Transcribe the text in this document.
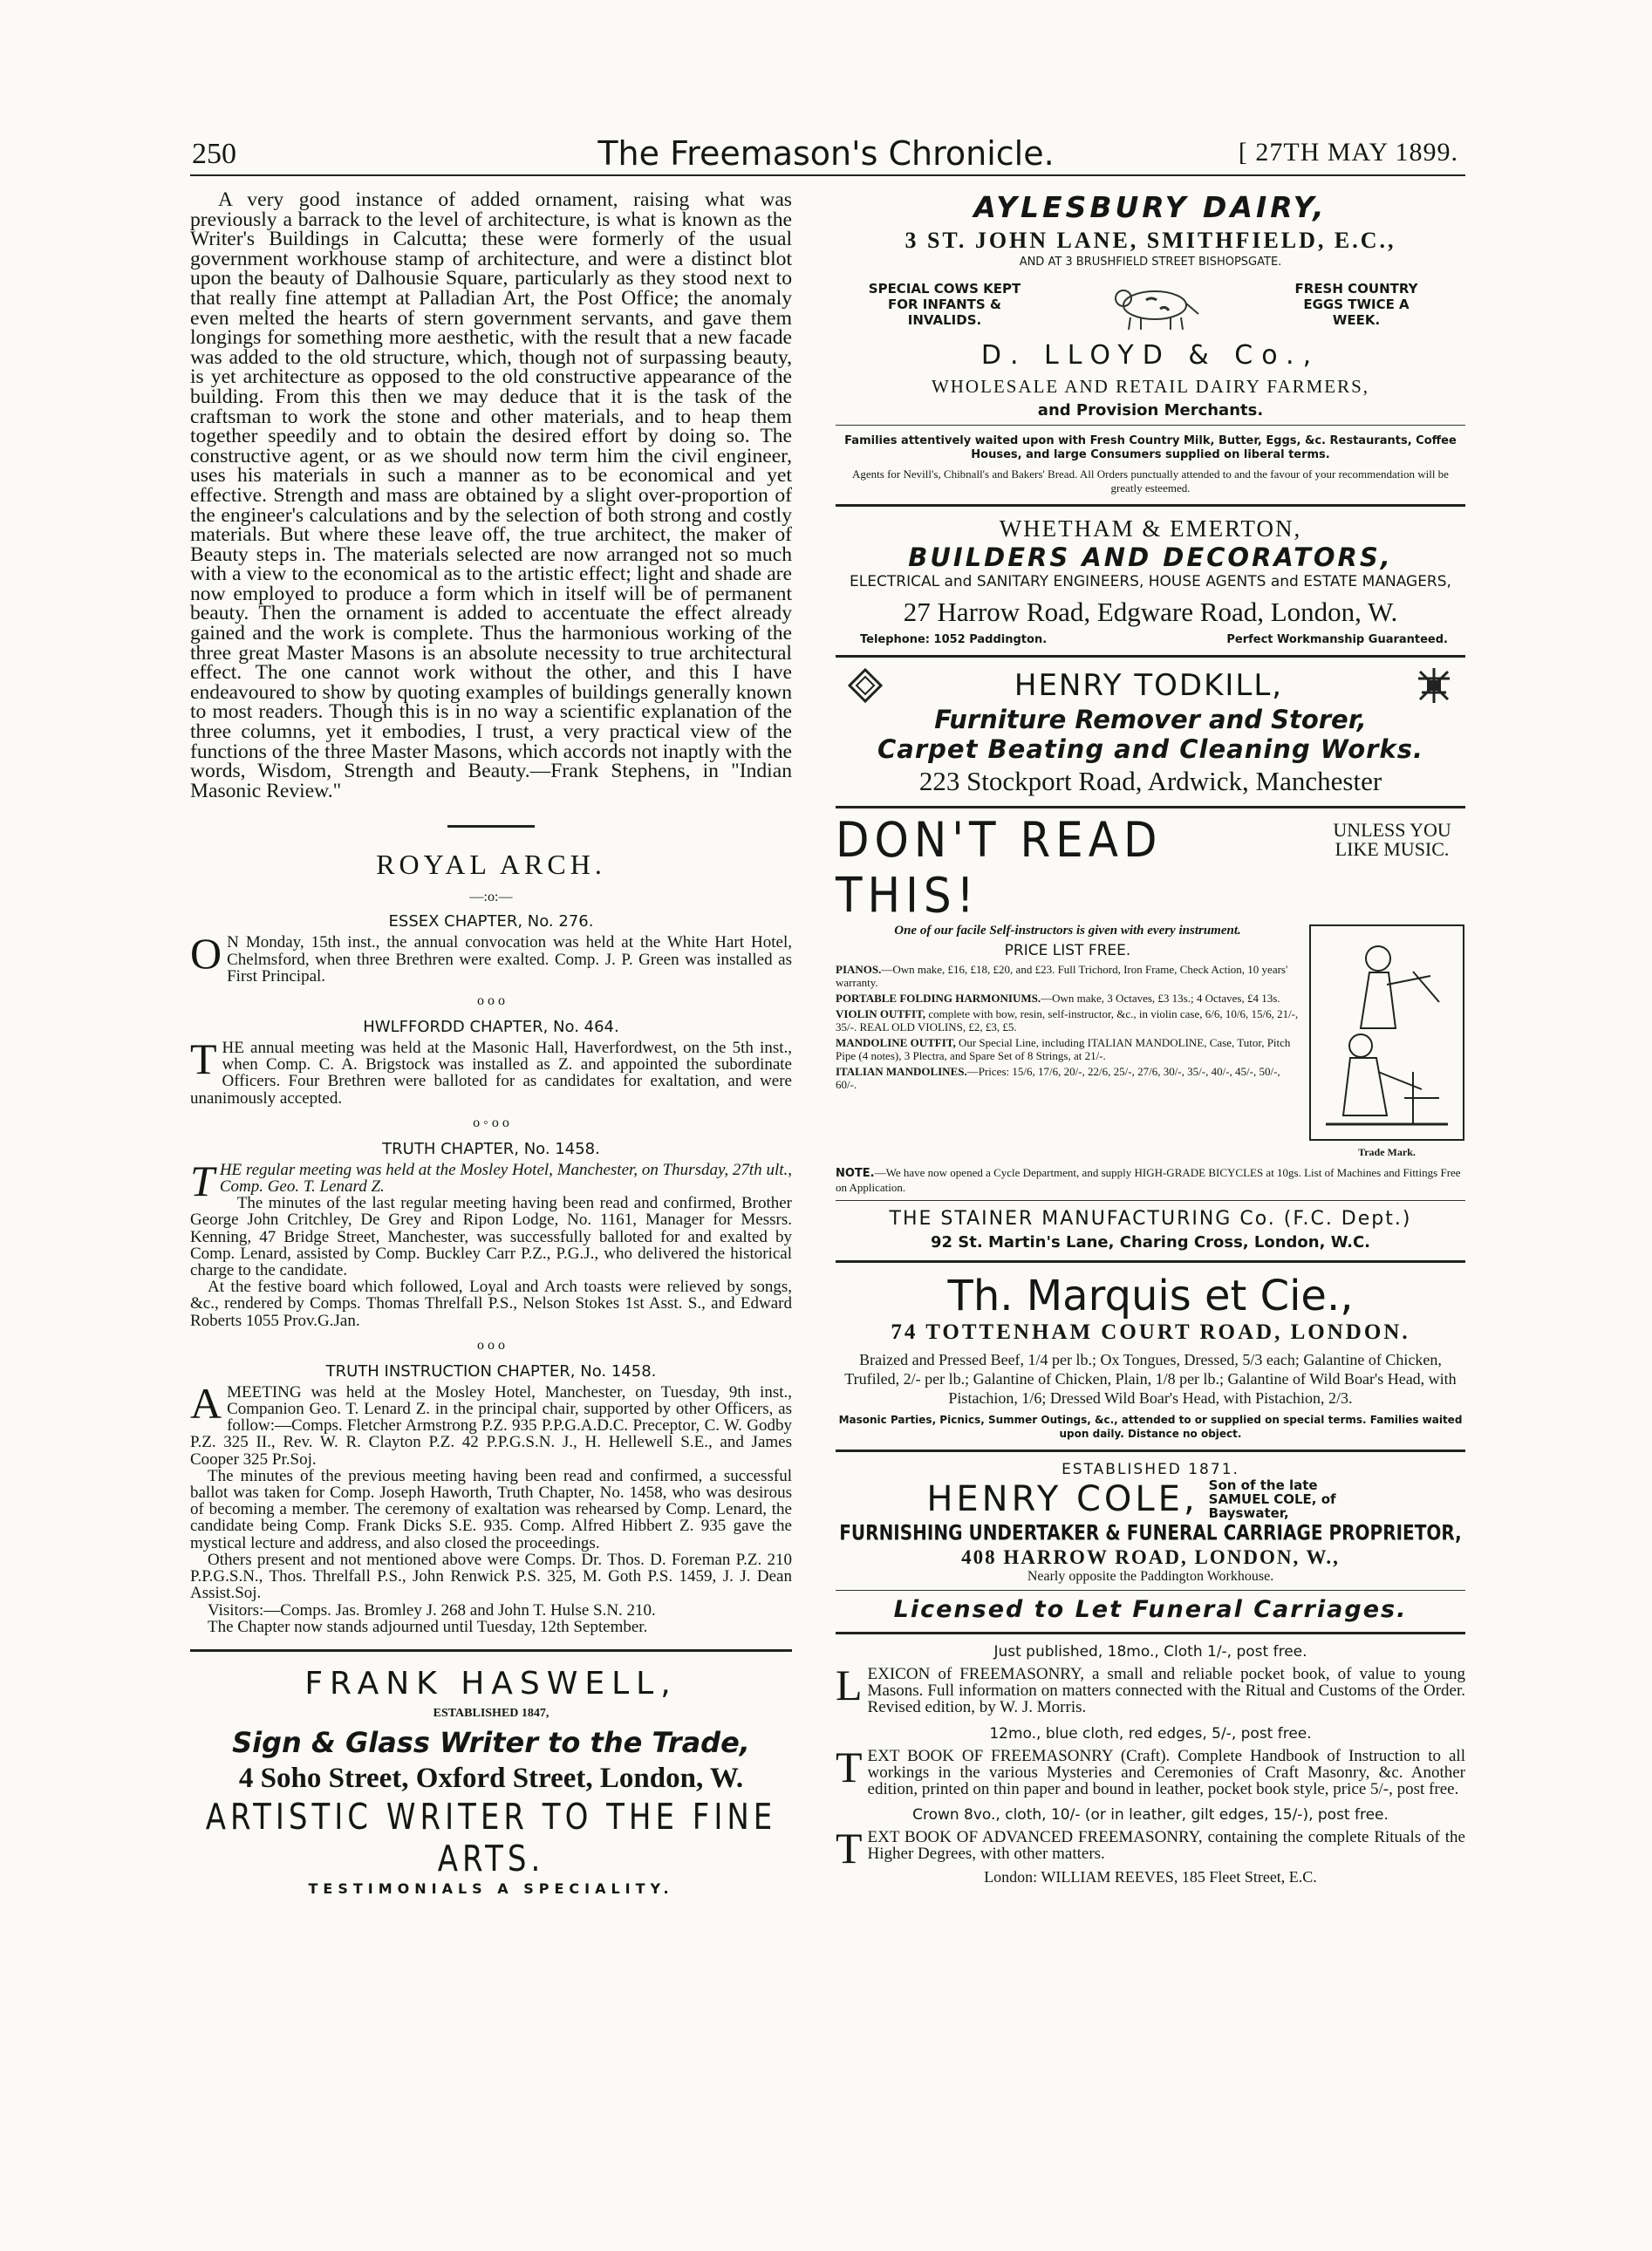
250	The Freemason's Chronicle.	[ 27TH MAY 1899.

A very good instance of added ornament, raising what was previously a barrack to the level of architecture, is what is known as the Writer's Buildings in Calcutta; these were formerly of the usual government workhouse stamp of architecture, and were a distinct blot upon the beauty of Dalhousie Square, particularly as they stood next to that really fine attempt at Palladian Art, the Post Office; the anomaly even melted the hearts of stern government servants, and gave them longings for something more aesthetic, with the result that a new facade was added to the old structure, which, though not of surpassing beauty, is yet architecture as opposed to the old constructive appearance of the building. From this then we may deduce that it is the task of the craftsman to work the stone and other materials, and to heap them together speedily and to obtain the desired effort by doing so. The constructive agent, or as we should now term him the civil engineer, uses his materials in such a manner as to be economical and yet effective. Strength and mass are obtained by a slight over-proportion of the engineer's calculations and by the selection of both strong and costly materials. But where these leave off, the true architect, the maker of Beauty steps in. The materials selected are now arranged not so much with a view to the economical as to the artistic effect; light and shade are now employed to produce a form which in itself will be of permanent beauty. Then the ornament is added to accentuate the effect already gained and the work is complete. Thus the harmonious working of the three great Master Masons is an absolute necessity to true architectural effect. The one cannot work without the other, and this I have endeavoured to show by quoting examples of buildings generally known to most readers. Though this is in no way a scientific explanation of the three columns, yet it embodies, I trust, a very practical view of the functions of the three Master Masons, which accords not inaptly with the words, Wisdom, Strength and Beauty.—Frank Stephens, in "Indian Masonic Review."

ROYAL ARCH.
—:o:—
ESSEX CHAPTER, No. 276.

ON Monday, 15th inst., the annual convocation was held at the White Hart Hotel, Chelmsford, when three Brethren were exalted. Comp. J. P. Green was installed as First Principal.

o o o
HWLFFORDD CHAPTER, No. 464.

THE annual meeting was held at the Masonic Hall, Haverfordwest, on the 5th inst., when Comp. C. A. Brigstock was installed as Z. and appointed the subordinate Officers. Four Brethren were balloted for as candidates for exaltation, and were unanimously accepted.

o ◦ o o
TRUTH CHAPTER, No. 1458.

THE regular meeting was held at the Mosley Hotel, Manchester, on Thursday, 27th ult., Comp. Geo. T. Lenard Z.

The minutes of the last regular meeting having been read and confirmed, Brother George John Critchley, De Grey and Ripon Lodge, No. 1161, Manager for Messrs. Kenning, 47 Bridge Street, Manchester, was successfully balloted for and exalted by Comp. Lenard, assisted by Comp. Buckley Carr P.Z., P.G.J., who delivered the historical charge to the candidate.

At the festive board which followed, Loyal and Arch toasts were relieved by songs, &c., rendered by Comps. Thomas Threlfall P.S., Nelson Stokes 1st Asst. S., and Edward Roberts 1055 Prov.G.Jan.

o o o
TRUTH INSTRUCTION CHAPTER, No. 1458.

AMEETING was held at the Mosley Hotel, Manchester, on Tuesday, 9th inst., Companion Geo. T. Lenard Z. in the principal chair, supported by other Officers, as follow:—Comps. Fletcher Armstrong P.Z. 935 P.P.G.A.D.C. Preceptor, C. W. Godby P.Z. 325 II., Rev. W. R. Clayton P.Z. 42 P.P.G.S.N. J., H. Hellewell S.E., and James Cooper 325 Pr.Soj.

The minutes of the previous meeting having been read and confirmed, a successful ballot was taken for Comp. Joseph Haworth, Truth Chapter, No. 1458, who was desirous of becoming a member. The ceremony of exaltation was rehearsed by Comp. Lenard, the candidate being Comp. Frank Dicks S.E. 935. Comp. Alfred Hibbert Z. 935 gave the mystical lecture and address, and also closed the proceedings.

Others present and not mentioned above were Comps. Dr. Thos. D. Foreman P.Z. 210 P.P.G.S.N., Thos. Threlfall P.S., John Renwick P.S. 325, M. Goth P.S. 1459, J. J. Dean Assist.Soj.

Visitors:—Comps. Jas. Bromley J. 268 and John T. Hulse S.N. 210.

The Chapter now stands adjourned until Tuesday, 12th September.

FRANK HASWELL,
ESTABLISHED 1847,
Sign & Glass Writer to the Trade,
4 Soho Street, Oxford Street, London, W.
ARTISTIC WRITER TO THE FINE ARTS.
TESTIMONIALS A SPECIALITY.
AYLESBURY DAIRY,
3 ST. JOHN LANE, SMITHFIELD, E.C.,
AND AT 3 BRUSHFIELD STREET BISHOPSGATE.
SPECIAL COWS KEPT FOR INFANTS & INVALIDS.
FRESH COUNTRY EGGS TWICE A WEEK.
D. LLOYD & Co.,
WHOLESALE AND RETAIL DAIRY FARMERS,
and Provision Merchants.
Families attentively waited upon with Fresh Country Milk, Butter, Eggs, &c. Restaurants, Coffee Houses, and large Consumers supplied on liberal terms.
Agents for Nevill's, Chibnall's and Bakers' Bread. All Orders punctually attended to and the favour of your recommendation will be greatly esteemed.
WHETHAM & EMERTON,
BUILDERS AND DECORATORS,
ELECTRICAL and SANITARY ENGINEERS, HOUSE AGENTS and ESTATE MANAGERS,
27 Harrow Road, Edgware Road, London, W.
Telephone: 1052 Paddington.	Perfect Workmanship Guaranteed.
HENRY TODKILL,
Furniture Remover and Storer,
Carpet Beating and Cleaning Works.
223 Stockport Road, Ardwick, Manchester
DON'T READ THIS!
UNLESS YOU LIKE MUSIC.
One of our facile Self-instructors is given with every instrument.
PRICE LIST FREE.
PIANOS.—Own make, £16, £18, £20, and £23. Full Trichord, Iron Frame, Check Action, 10 years' warranty.
PORTABLE FOLDING HARMONIUMS.—Own make, 3 Octaves, £3 13s.; 4 Octaves, £4 13s.
VIOLIN OUTFIT, complete with bow, resin, self-instructor, &c., in violin case, 6/6, 10/6, 15/6, 21/-, 35/-. REAL OLD VIOLINS, £2, £3, £5.
MANDOLINE OUTFIT, Our Special Line, including ITALIAN MANDOLINE, Case, Tutor, Pitch Pipe (4 notes), 3 Plectra, and Spare Set of 8 Strings, at 21/-.
ITALIAN MANDOLINES.—Prices: 15/6, 17/6, 20/-, 22/6, 25/-, 27/6, 30/-, 35/-, 40/-, 45/-, 50/-, 60/-.
Trade Mark.
NOTE.—We have now opened a Cycle Department, and supply HIGH-GRADE BICYCLES at 10gs. List of Machines and Fittings Free on Application.
THE STAINER MANUFACTURING Co. (F.C. Dept.)
92 St. Martin's Lane, Charing Cross, London, W.C.
Th. Marquis et Cie.,
74 TOTTENHAM COURT ROAD, LONDON.

Braized and Pressed Beef, 1/4 per lb.; Ox Tongues, Dressed, 5/3 each; Galantine of Chicken, Trufiled, 2/- per lb.; Galantine of Chicken, Plain, 1/8 per lb.; Galantine of Wild Boar's Head, with Pistachion, 1/6; Dressed Wild Boar's Head, with Pistachion, 2/3.

Masonic Parties, Picnics, Summer Outings, &c., attended to or supplied on special terms. Families waited upon daily. Distance no object.

ESTABLISHED 1871.
HENRY COLE, Son of the late SAMUEL COLE, of Bayswater,
FURNISHING UNDERTAKER & FUNERAL CARRIAGE PROPRIETOR,
408 HARROW ROAD, LONDON, W.,
Nearly opposite the Paddington Workhouse.
Licensed to Let Funeral Carriages.
Just published, 18mo., Cloth 1/-, post free.

LEXICON of FREEMASONRY, a small and reliable pocket book, of value to young Masons. Full information on matters connected with the Ritual and Customs of the Order. Revised edition, by W. J. Morris.

12mo., blue cloth, red edges, 5/-, post free.

TEXT BOOK OF FREEMASONRY (Craft). Complete Handbook of Instruction to all workings in the various Mysteries and Ceremonies of Craft Masonry, &c. Another edition, printed on thin paper and bound in leather, pocket book style, price 5/-, post free.

Crown 8vo., cloth, 10/- (or in leather, gilt edges, 15/-), post free.

TEXT BOOK OF ADVANCED FREEMASONRY, containing the complete Rituals of the Higher Degrees, with other matters.

London: WILLIAM REEVES, 185 Fleet Street, E.C.
